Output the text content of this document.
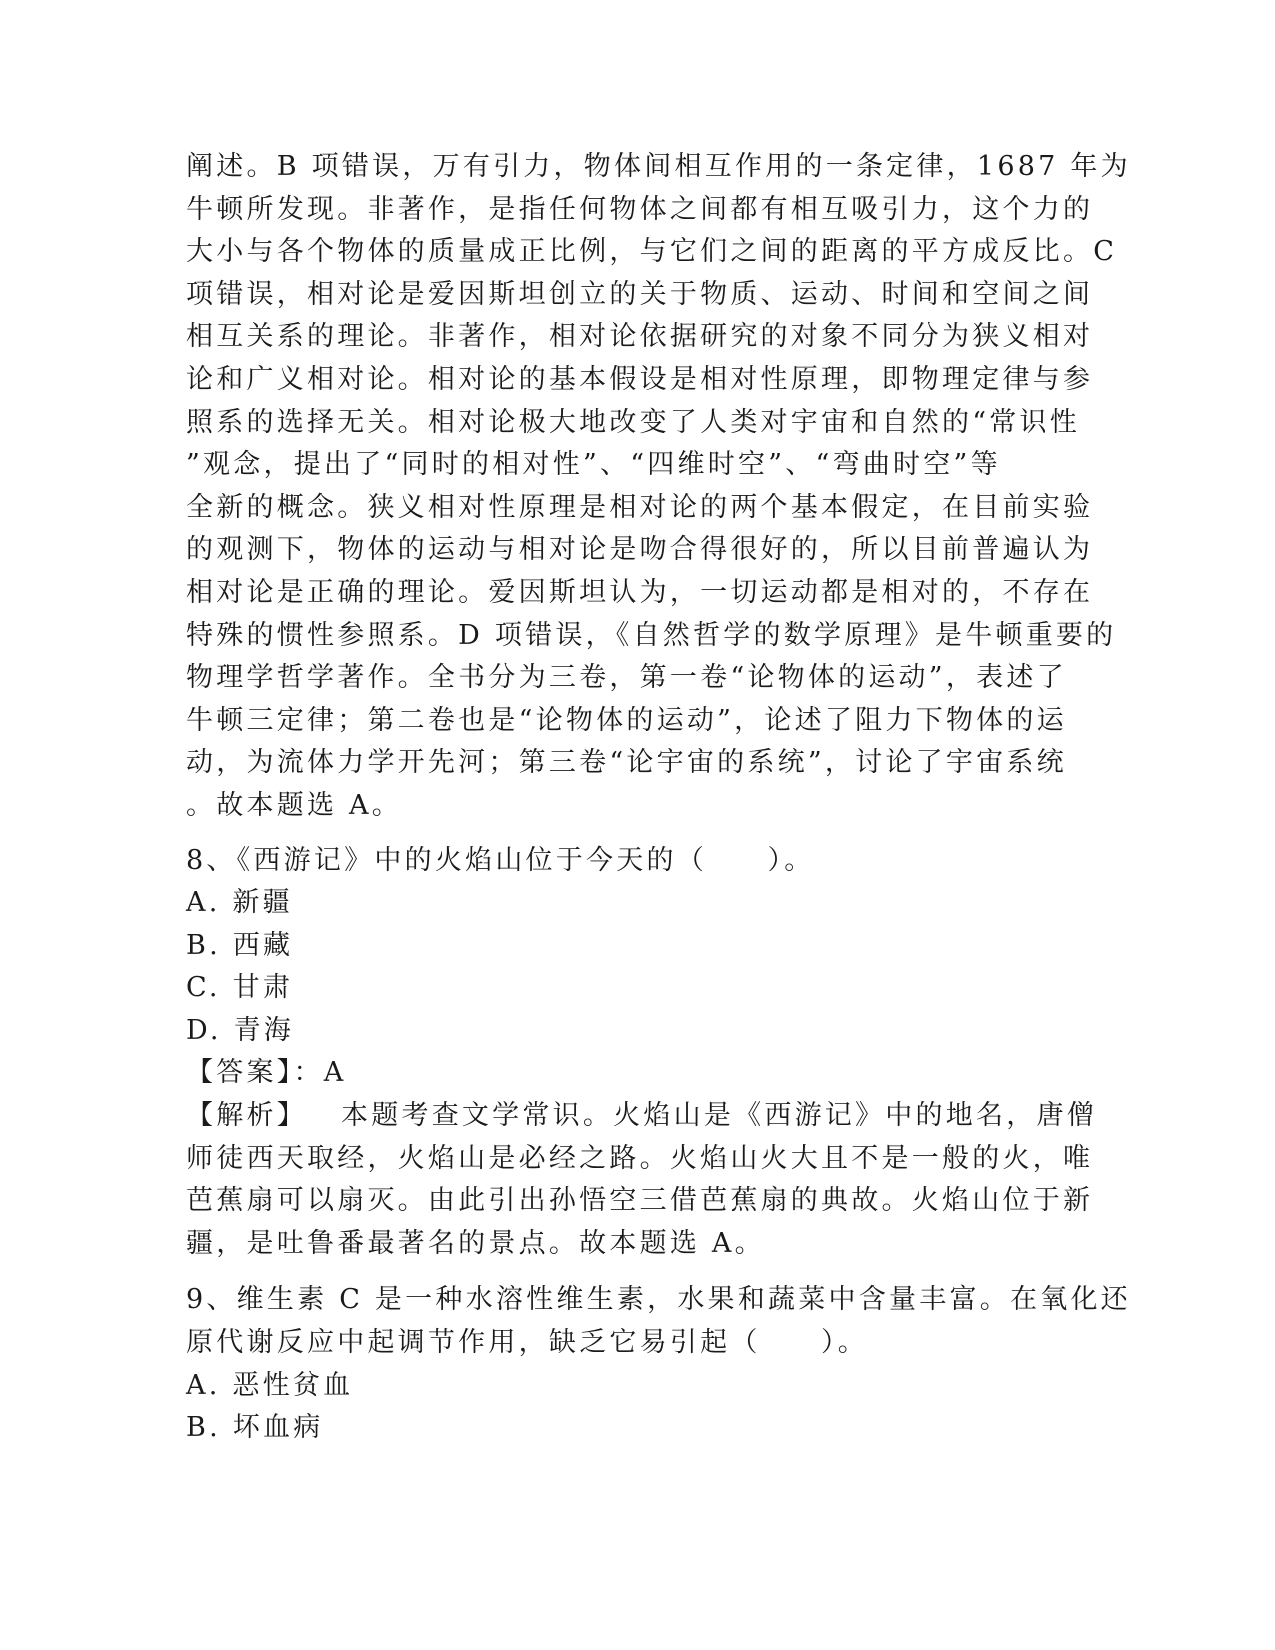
阐述。B 项错误，万有引力，物体间相互作用的一条定律，1687 年为
牛顿所发现。非著作，是指任何物体之间都有相互吸引力，这个力的
大小与各个物体的质量成正比例，与它们之间的距离的平方成反比。C
项错误，相对论是爱因斯坦创立的关于物质、运动、时间和空间之间
相互关系的理论。非著作，相对论依据研究的对象不同分为狭义相对
论和广义相对论。相对论的基本假设是相对性原理，即物理定律与参
照系的选择无关。相对论极大地改变了人类对宇宙和自然的“常识性
”观念，提出了“同时的相对性”、“四维时空”、“弯曲时空”等
全新的概念。狭义相对性原理是相对论的两个基本假定，在目前实验
的观测下，物体的运动与相对论是吻合得很好的，所以目前普遍认为
相对论是正确的理论。爱因斯坦认为，一切运动都是相对的，不存在
特殊的惯性参照系。D 项错误，《自然哲学的数学原理》是牛顿重要的
物理学哲学著作。全书分为三卷，第一卷“论物体的运动”，表述了
牛顿三定律；第二卷也是“论物体的运动”，论述了阻力下物体的运
动，为流体力学开先河；第三卷“论宇宙的系统”，讨论了宇宙系统
。故本题选 A。
8、《西游记》中的火焰山位于今天的（　　）。
A. 新疆
B. 西藏
C. 甘肃
D. 青海
【答案】：A
【解析】 本题考查文学常识。火焰山是《西游记》中的地名，唐僧
师徒西天取经，火焰山是必经之路。火焰山火大且不是一般的火，唯
芭蕉扇可以扇灭。由此引出孙悟空三借芭蕉扇的典故。火焰山位于新
疆，是吐鲁番最著名的景点。故本题选 A。
9、维生素 C 是一种水溶性维生素，水果和蔬菜中含量丰富。在氧化还
原代谢反应中起调节作用，缺乏它易引起（　　）。
A. 恶性贫血
B. 坏血病
